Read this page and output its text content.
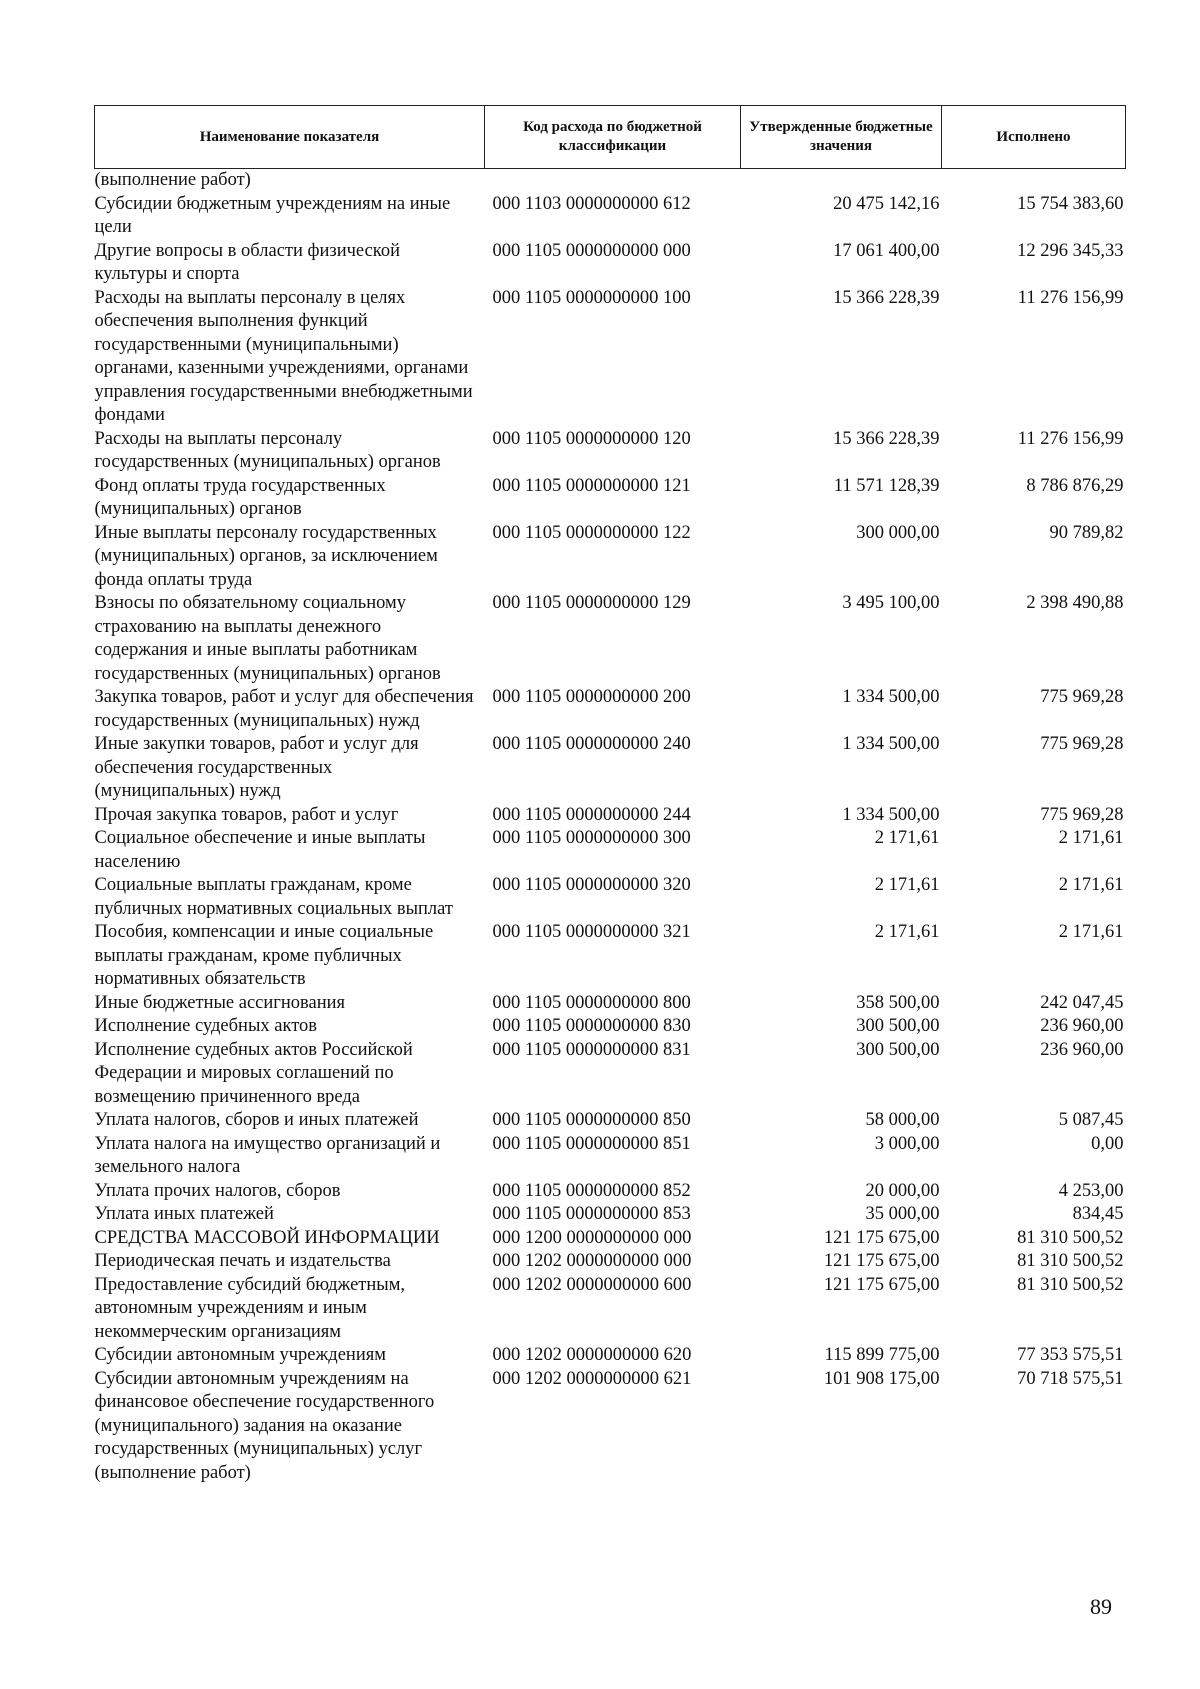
Наименование показателя	Код расхода по бюджетной классификации	Утвержденные бюджетные значения	Исполнено
(выполнение работ)			
Субсидии бюджетным учреждениям на иные цели	000 1103 0000000000 612	20 475 142,16	15 754 383,60
Другие вопросы в области физической культуры и спорта	000 1105 0000000000 000	17 061 400,00	12 296 345,33
Расходы на выплаты персоналу в целях обеспечения выполнения функций государственными (муниципальными) органами, казенными учреждениями, органами управления государственными внебюджетными фондами	000 1105 0000000000 100	15 366 228,39	11 276 156,99
Расходы на выплаты персоналу государственных (муниципальных) органов	000 1105 0000000000 120	15 366 228,39	11 276 156,99
Фонд оплаты труда государственных (муниципальных) органов	000 1105 0000000000 121	11 571 128,39	8 786 876,29
Иные выплаты персоналу государственных (муниципальных) органов, за исключением фонда оплаты труда	000 1105 0000000000 122	300 000,00	90 789,82
Взносы по обязательному социальному страхованию на выплаты денежного содержания и иные выплаты работникам государственных (муниципальных) органов	000 1105 0000000000 129	3 495 100,00	2 398 490,88
Закупка товаров, работ и услуг для обеспечения государственных (муниципальных) нужд	000 1105 0000000000 200	1 334 500,00	775 969,28
Иные закупки товаров, работ и услуг для обеспечения государственных (муниципальных) нужд	000 1105 0000000000 240	1 334 500,00	775 969,28
Прочая закупка товаров, работ и услуг	000 1105 0000000000 244	1 334 500,00	775 969,28
Социальное обеспечение и иные выплаты населению	000 1105 0000000000 300	2 171,61	2 171,61
Социальные выплаты гражданам, кроме публичных нормативных социальных выплат	000 1105 0000000000 320	2 171,61	2 171,61
Пособия, компенсации и иные социальные выплаты гражданам, кроме публичных нормативных обязательств	000 1105 0000000000 321	2 171,61	2 171,61
Иные бюджетные ассигнования	000 1105 0000000000 800	358 500,00	242 047,45
Исполнение судебных актов	000 1105 0000000000 830	300 500,00	236 960,00
Исполнение судебных актов Российской Федерации и мировых соглашений по возмещению причиненного вреда	000 1105 0000000000 831	300 500,00	236 960,00
Уплата налогов, сборов и иных платежей	000 1105 0000000000 850	58 000,00	5 087,45
Уплата налога на имущество организаций и земельного налога	000 1105 0000000000 851	3 000,00	0,00
Уплата прочих налогов, сборов	000 1105 0000000000 852	20 000,00	4 253,00
Уплата иных платежей	000 1105 0000000000 853	35 000,00	834,45
СРЕДСТВА МАССОВОЙ ИНФОРМАЦИИ	000 1200 0000000000 000	121 175 675,00	81 310 500,52
Периодическая печать и издательства	000 1202 0000000000 000	121 175 675,00	81 310 500,52
Предоставление субсидий бюджетным, автономным учреждениям и иным некоммерческим организациям	000 1202 0000000000 600	121 175 675,00	81 310 500,52
Субсидии автономным учреждениям	000 1202 0000000000 620	115 899 775,00	77 353 575,51
Субсидии автономным учреждениям на финансовое обеспечение государственного (муниципального) задания на оказание государственных (муниципальных) услуг (выполнение работ)	000 1202 0000000000 621	101 908 175,00	70 718 575,51
89
